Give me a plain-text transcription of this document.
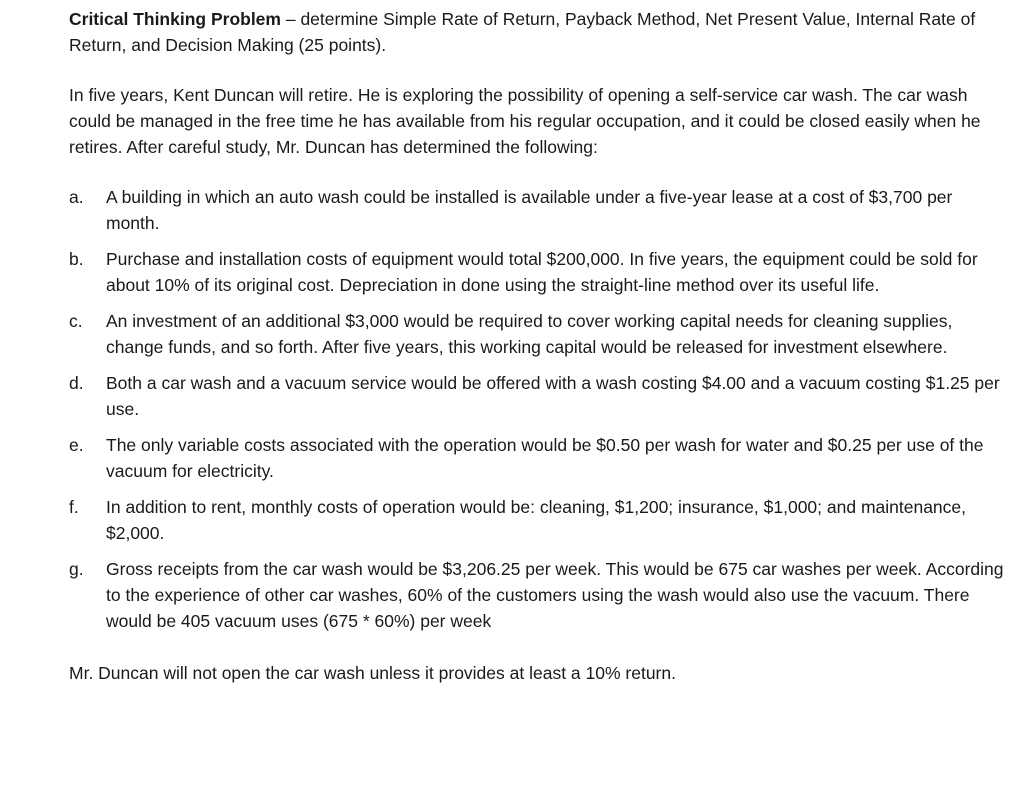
Critical Thinking Problem – determine Simple Rate of Return, Payback Method, Net Present Value, Internal Rate of Return, and Decision Making (25 points).

In five years, Kent Duncan will retire. He is exploring the possibility of opening a self-service car wash. The car wash could be managed in the free time he has available from his regular occupation, and it could be closed easily when he retires. After careful study, Mr. Duncan has determined the following:

a.	A building in which an auto wash could be installed is available under a five-year lease at a cost of $3,700 per month.
b.	Purchase and installation costs of equipment would total $200,000. In five years, the equipment could be sold for about 10% of its original cost. Depreciation in done using the straight-line method over its useful life.
c.	An investment of an additional $3,000 would be required to cover working capital needs for cleaning supplies, change funds, and so forth. After five years, this working capital would be released for investment elsewhere.
d.	Both a car wash and a vacuum service would be offered with a wash costing $4.00 and a vacuum costing $1.25 per use.
e.	The only variable costs associated with the operation would be $0.50 per wash for water and $0.25 per use of the vacuum for electricity.
f.	In addition to rent, monthly costs of operation would be: cleaning, $1,200; insurance, $1,000; and maintenance, $2,000.
g.	Gross receipts from the car wash would be $3,206.25 per week. This would be 675 car washes per week. According to the experience of other car washes, 60% of the customers using the wash would also use the vacuum. There would be 405 vacuum uses (675 * 60%) per week

Mr. Duncan will not open the car wash unless it provides at least a 10% return.
